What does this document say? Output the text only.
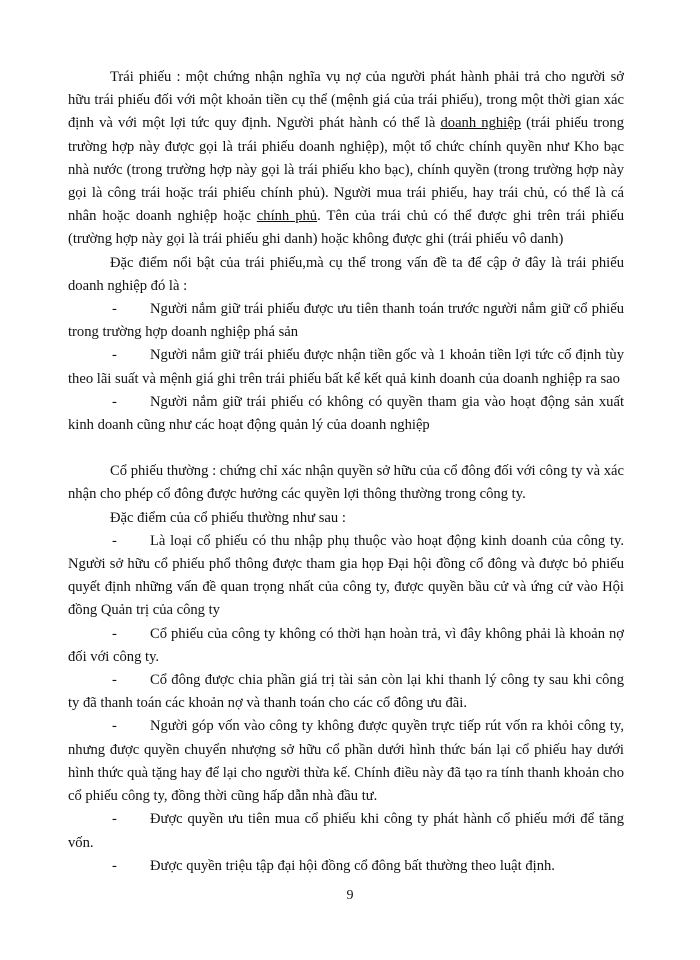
Trái phiếu : một chứng nhận nghĩa vụ nợ của người phát hành phải trả cho người sở hữu trái phiếu đối với một khoản tiền cụ thể (mệnh giá của trái phiếu), trong một thời gian xác định và với một lợi tức quy định. Người phát hành có thể là doanh nghiệp (trái phiếu trong trường hợp này được gọi là trái phiếu doanh nghiệp), một tổ chức chính quyền như Kho bạc nhà nước (trong trường hợp này gọi là trái phiếu kho bạc), chính quyền (trong trường hợp này gọi là công trái hoặc trái phiếu chính phủ). Người mua trái phiếu, hay trái chủ, có thể là cá nhân hoặc doanh nghiệp hoặc chính phủ. Tên của trái chủ có thể được ghi trên trái phiếu (trường hợp này gọi là trái phiếu ghi danh) hoặc không được ghi (trái phiếu vô danh)

Đặc điểm nổi bật của trái phiếu,mà cụ thể trong vấn đề ta để cập ở đây là trái phiếu doanh nghiệp đó là :

- Người nắm giữ trái phiếu được ưu tiên thanh toán trước người nắm giữ cổ phiếu trong trường hợp doanh nghiệp phá sản

- Người nắm giữ trái phiếu được nhận tiền gốc và 1 khoản tiền lợi tức cố định tùy theo lãi suất và mệnh giá ghi trên trái phiếu bất kể kết quả kinh doanh của doanh nghiệp ra sao

- Người nắm giữ trái phiếu có không có quyền tham gia vào hoạt động sản xuất kinh doanh cũng như các hoạt động quản lý của doanh nghiệp

Cổ phiếu thường : chứng chỉ xác nhận quyền sở hữu của cổ đông đối với công ty và xác nhận cho phép cổ đông được hưởng các quyền lợi thông thường trong công ty.

Đặc điểm của cổ phiếu thường như sau :

- Là loại cổ phiếu có thu nhập phụ thuộc vào hoạt động kinh doanh của công ty. Người sở hữu cổ phiếu phổ thông được tham gia họp Đại hội đồng cổ đông và được bỏ phiếu quyết định những vấn đề quan trọng nhất của công ty, được quyền bầu cử và ứng cử vào Hội đồng Quản trị của công ty

- Cổ phiếu của công ty không có thời hạn hoàn trả, vì đây không phải là khoản nợ đối với công ty.

- Cổ đông được chia phần giá trị tài sản còn lại khi thanh lý công ty sau khi công ty đã thanh toán các khoản nợ và thanh toán cho các cổ đông ưu đãi.

- Người góp vốn vào công ty không được quyền trực tiếp rút vốn ra khỏi công ty, nhưng được quyền chuyển nhượng sở hữu cổ phần dưới hình thức bán lại cổ phiếu hay dưới hình thức quà tặng hay để lại cho người thừa kế. Chính điều này đã tạo ra tính thanh khoản cho cổ phiếu công ty, đồng thời cũng hấp dẫn nhà đầu tư.

- Được quyền ưu tiên mua cổ phiếu khi công ty phát hành cổ phiếu mới để tăng vốn.

- Được quyền triệu tập đại hội đồng cổ đông bất thường theo luật định.

9
